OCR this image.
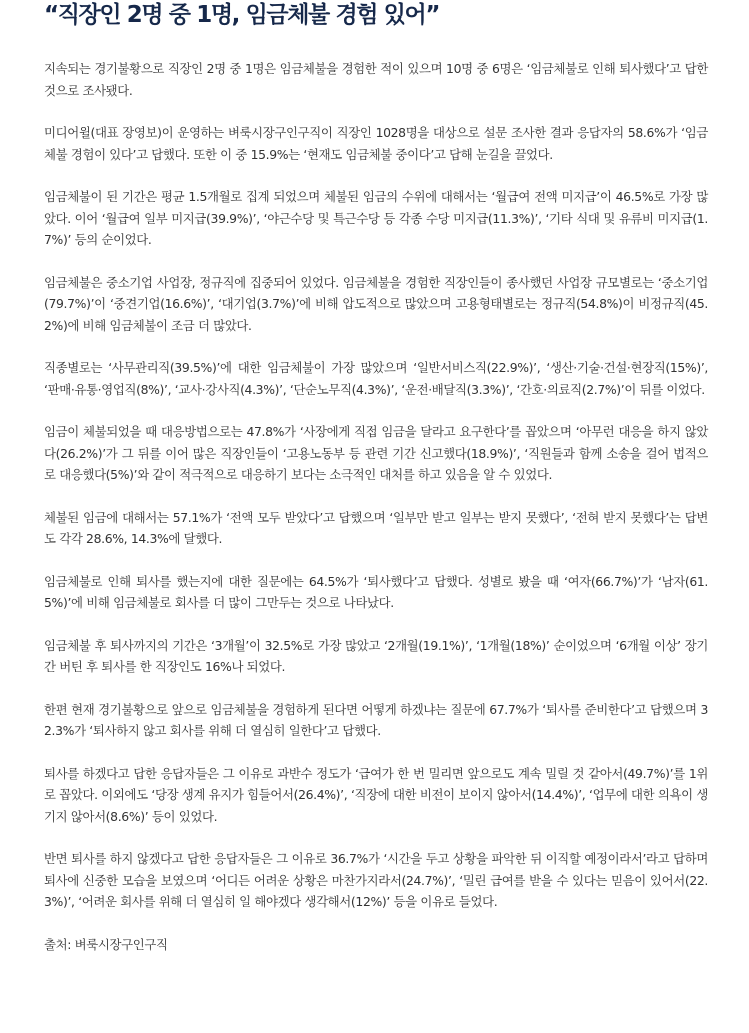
“직장인 2명 중 1명, 임금체불 경험 있어”

지속되는 경기불황으로 직장인 2명 중 1명은 임금체불을 경험한 적이 있으며 10명 중 6명은 ‘임금체불로 인해 퇴사했다’고 답한 것으로 조사됐다.

미디어윌(대표 장영보)이 운영하는 벼룩시장구인구직이 직장인 1028명을 대상으로 설문 조사한 결과 응답자의 58.6%가 ‘임금체불 경험이 있다’고 답했다. 또한 이 중 15.9%는 ‘현재도 임금체불 중이다’고 답해 눈길을 끌었다.

임금체불이 된 기간은 평균 1.5개월로 집계 되었으며 체불된 임금의 수위에 대해서는 ‘월급여 전액 미지급’이 46.5%로 가장 많았다. 이어 ‘월급여 일부 미지급(39.9%)’, ‘야근수당 및 특근수당 등 각종 수당 미지급(11.3%)’, ‘기타 식대 및 유류비 미지급(1.7%)’ 등의 순이었다.

임금체불은 중소기업 사업장, 정규직에 집중되어 있었다. 임금체불을 경험한 직장인들이 종사했던 사업장 규모별로는 ‘중소기업(79.7%)’이 ‘중견기업(16.6%)’, ‘대기업(3.7%)’에 비해 압도적으로 많았으며 고용형태별로는 정규직(54.8%)이 비정규직(45.2%)에 비해 임금체불이 조금 더 많았다.

직종별로는 ‘사무관리직(39.5%)’에 대한 임금체불이 가장 많았으며 ‘일반서비스직(22.9%)’, ‘생산·기술·건설·현장직(15%)’, ‘판매·유통·영업직(8%)’, ‘교사·강사직(4.3%)’, ‘단순노무직(4.3%)’, ‘운전·배달직(3.3%)’, ‘간호·의료직(2.7%)’이 뒤를 이었다.

임금이 체불되었을 때 대응방법으로는 47.8%가 ‘사장에게 직접 임금을 달라고 요구한다’를 꼽았으며 ‘아무런 대응을 하지 않았다(26.2%)’가 그 뒤를 이어 많은 직장인들이 ‘고용노동부 등 관련 기간 신고했다(18.9%)’, ‘직원들과 함께 소송을 걸어 법적으로 대응했다(5%)’와 같이 적극적으로 대응하기 보다는 소극적인 대처를 하고 있음을 알 수 있었다.

체불된 임금에 대해서는 57.1%가 ‘전액 모두 받았다’고 답했으며 ‘일부만 받고 일부는 받지 못했다’, ‘전혀 받지 못했다’는 답변도 각각 28.6%, 14.3%에 달했다.

임금체불로 인해 퇴사를 했는지에 대한 질문에는 64.5%가 ‘퇴사했다’고 답했다. 성별로 봤을 때 ‘여자(66.7%)’가 ‘남자(61.5%)’에 비해 임금체불로 회사를 더 많이 그만두는 것으로 나타났다.

임금체불 후 퇴사까지의 기간은 ‘3개월’이 32.5%로 가장 많았고 ‘2개월(19.1%)’, ‘1개월(18%)’ 순이었으며 ‘6개월 이상’ 장기간 버틴 후 퇴사를 한 직장인도 16%나 되었다.

한편 현재 경기불황으로 앞으로 임금체불을 경험하게 된다면 어떻게 하겠냐는 질문에 67.7%가 ‘퇴사를 준비한다’고 답했으며 32.3%가 ‘퇴사하지 않고 회사를 위해 더 열심히 일한다’고 답했다.

퇴사를 하겠다고 답한 응답자들은 그 이유로 과반수 정도가 ‘급여가 한 번 밀리면 앞으로도 계속 밀릴 것 같아서(49.7%)’를 1위로 꼽았다. 이외에도 ‘당장 생계 유지가 힘들어서(26.4%)’, ‘직장에 대한 비전이 보이지 않아서(14.4%)’, ‘업무에 대한 의욕이 생기지 않아서(8.6%)’ 등이 있었다.

반면 퇴사를 하지 않겠다고 답한 응답자들은 그 이유로 36.7%가 ‘시간을 두고 상황을 파악한 뒤 이직할 예정이라서’라고 답하며 퇴사에 신중한 모습을 보였으며 ‘어디든 어려운 상황은 마찬가지라서(24.7%)’, ‘밀린 급여를 받을 수 있다는 믿음이 있어서(22.3%)’, ‘어려운 회사를 위해 더 열심히 일 해야겠다 생각해서(12%)’ 등을 이유로 들었다.

출처: 벼룩시장구인구직
